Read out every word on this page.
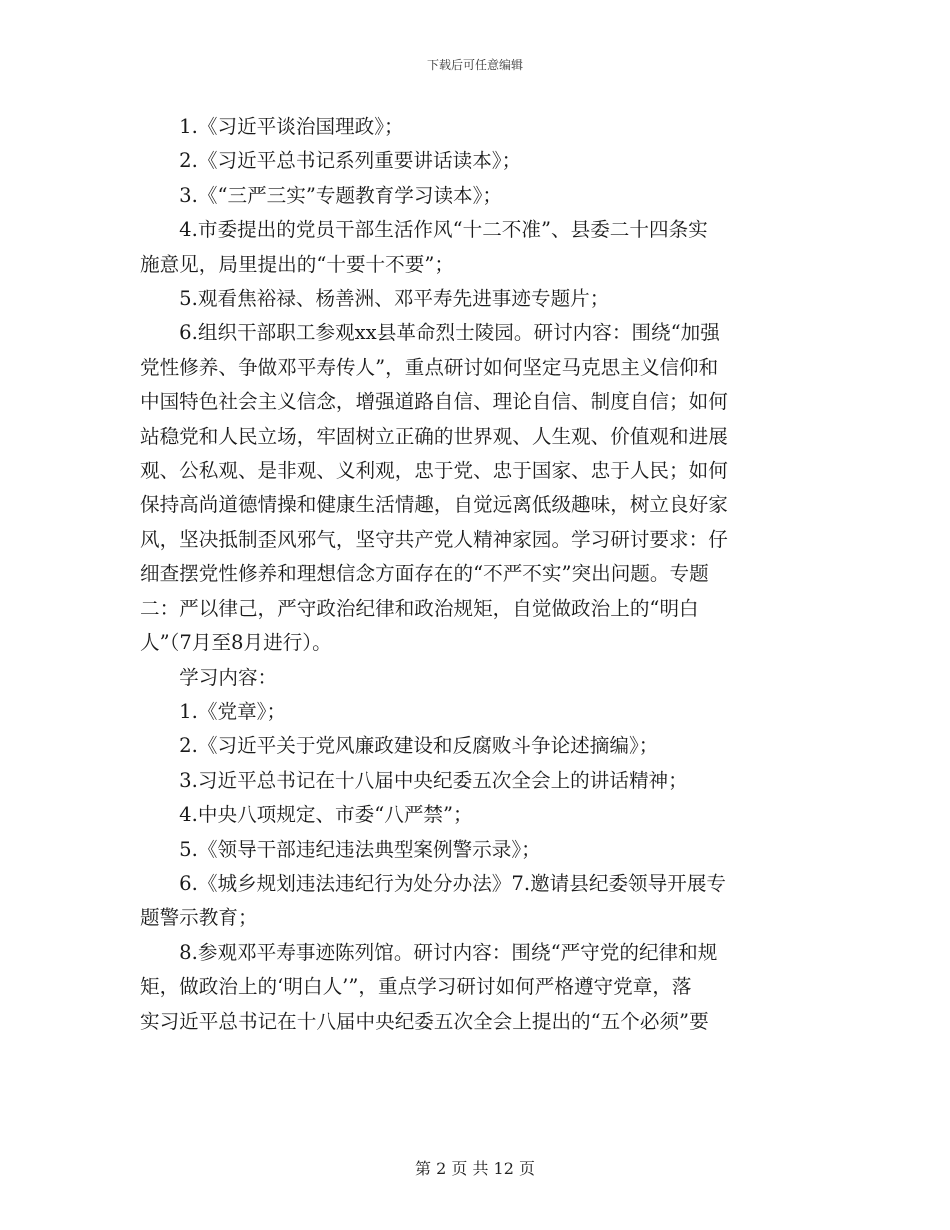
下载后可任意编辑

　　1.《习近平谈治国理政》；

　　2.《习近平总书记系列重要讲话读本》；

　　3.《“三严三实”专题教育学习读本》；

　　4.市委提出的党员干部生活作风“十二不准”、县委二十四条实

施意见，局里提出的“十要十不要”；

　　5.观看焦裕禄、杨善洲、邓平寿先进事迹专题片；

　　6.组织干部职工参观xx县革命烈士陵园。研讨内容：围绕“加强

党性修养、争做邓平寿传人”，重点研讨如何坚定马克思主义信仰和

中国特色社会主义信念，增强道路自信、理论自信、制度自信；如何

站稳党和人民立场，牢固树立正确的世界观、人生观、价值观和进展

观、公私观、是非观、义利观，忠于党、忠于国家、忠于人民；如何

保持高尚道德情操和健康生活情趣，自觉远离低级趣味，树立良好家

风，坚决抵制歪风邪气，坚守共产党人精神家园。学习研讨要求：仔

细查摆党性修养和理想信念方面存在的“不严不实”突出问题。专题

二：严以律己，严守政治纪律和政治规矩，自觉做政治上的“明白

人”（7月至8月进行）。

　　学习内容：

　　1.《党章》；

　　2.《习近平关于党风廉政建设和反腐败斗争论述摘编》；

　　3.习近平总书记在十八届中央纪委五次全会上的讲话精神；

　　4.中央八项规定、市委“八严禁”；

　　5.《领导干部违纪违法典型案例警示录》；

　　6.《城乡规划违法违纪行为处分办法》7.邀请县纪委领导开展专

题警示教育；

　　8.参观邓平寿事迹陈列馆。研讨内容：围绕“严守党的纪律和规

矩，做政治上的‘明白人’”，重点学习研讨如何严格遵守党章，落

实习近平总书记在十八届中央纪委五次全会上提出的“五个必须”要

第 2 页 共 12 页
